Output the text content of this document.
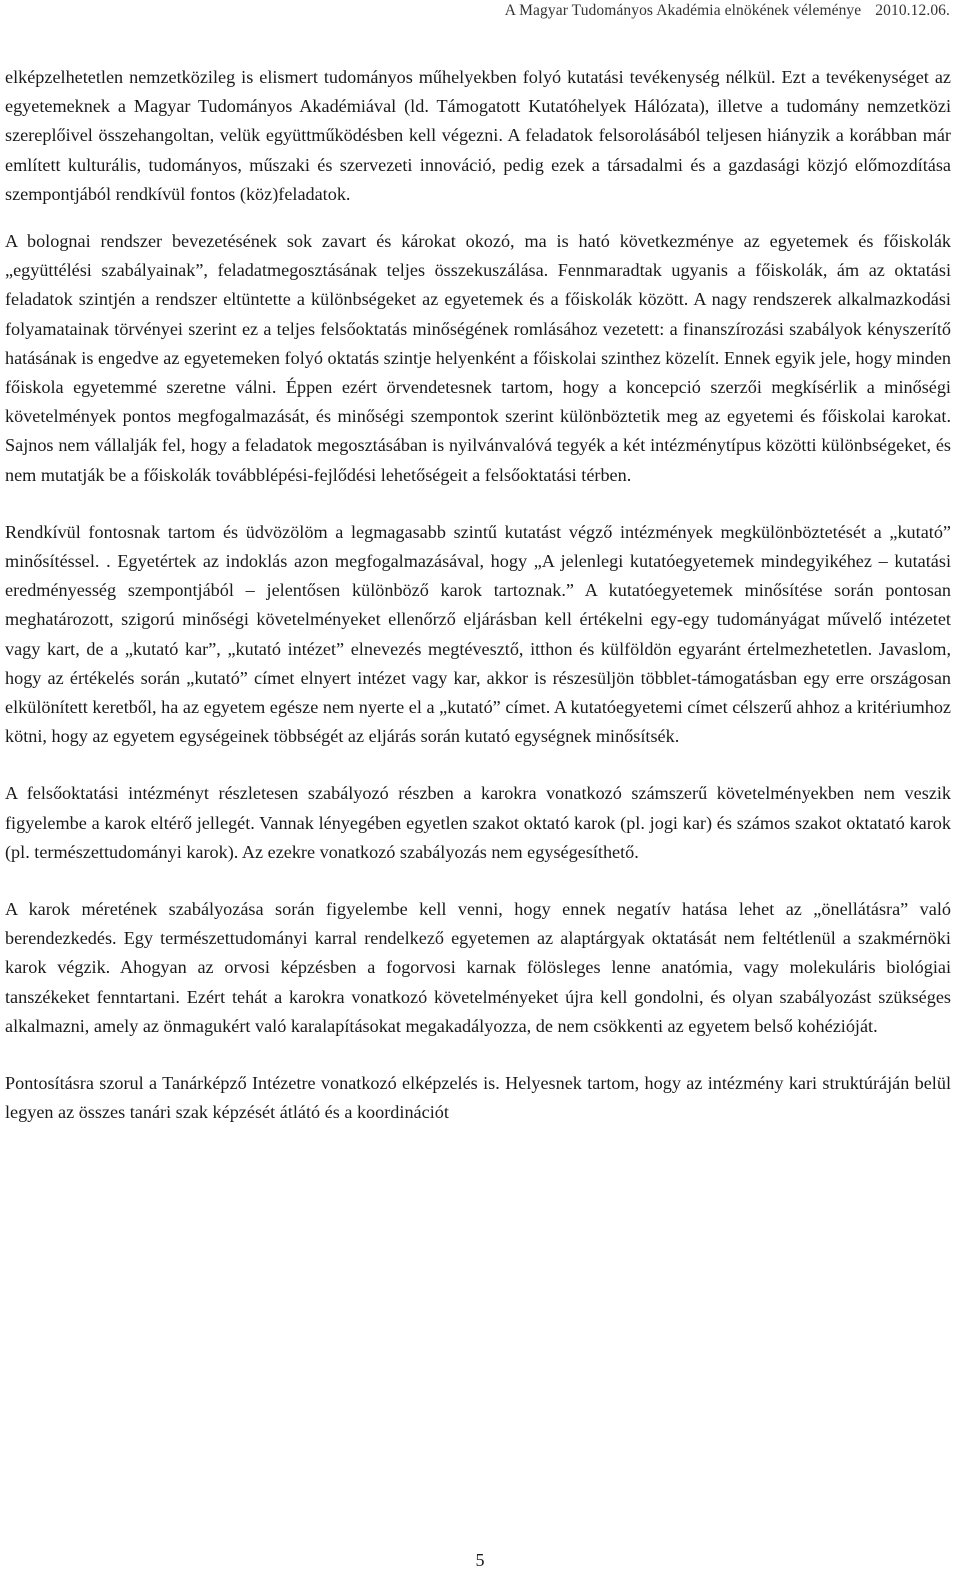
A Magyar Tudományos Akadémia elnökének véleménye 2010.12.06.

elképzelhetetlen nemzetközileg is elismert tudományos műhelyekben folyó kutatási tevékenység nélkül. Ezt a tevékenységet az egyetemeknek a Magyar Tudományos Akadémiával (ld. Támogatott Kutatóhelyek Hálózata), illetve a tudomány nemzetközi szereplőivel összehangoltan, velük együttműködésben kell végezni. A feladatok felsorolásából teljesen hiányzik a korábban már említett kulturális, tudományos, műszaki és szervezeti innováció, pedig ezek a társadalmi és a gazdasági közjó előmozdítása szempontjából rendkívül fontos (köz)feladatok.

A bolognai rendszer bevezetésének sok zavart és károkat okozó, ma is ható következménye az egyetemek és főiskolák „együttélési szabályainak”, feladatmegosztásának teljes összekuszálása. Fennmaradtak ugyanis a főiskolák, ám az oktatási feladatok szintjén a rendszer eltüntette a különbségeket az egyetemek és a főiskolák között. A nagy rendszerek alkalmazkodási folyamatainak törvényei szerint ez a teljes felsőoktatás minőségének romlásához vezetett: a finanszírozási szabályok kényszerítő hatásának is engedve az egyetemeken folyó oktatás szintje helyenként a főiskolai szinthez közelít. Ennek egyik jele, hogy minden főiskola egyetemmé szeretne válni. Éppen ezért örvendetesnek tartom, hogy a koncepció szerzői megkísérlik a minőségi követelmények pontos megfogalmazását, és minőségi szempontok szerint különböztetik meg az egyetemi és főiskolai karokat. Sajnos nem vállalják fel, hogy a feladatok megosztásában is nyilvánvalóvá tegyék a két intézménytípus közötti különbségeket, és nem mutatják be a főiskolák továbblépési-fejlődési lehetőségeit a felsőoktatási térben.

Rendkívül fontosnak tartom és üdvözölöm a legmagasabb szintű kutatást végző intézmények megkülönböztetését a „kutató” minősítéssel. . Egyetértek az indoklás azon megfogalmazásával, hogy „A jelenlegi kutatóegyetemek mindegyikéhez – kutatási eredményesség szempontjából – jelentősen különböző karok tartoznak.” A kutatóegyetemek minősítése során pontosan meghatározott, szigorú minőségi követelményeket ellenőrző eljárásban kell értékelni egy-egy tudományágat művelő intézetet vagy kart, de a „kutató kar”, „kutató intézet” elnevezés megtévesztő, itthon és külföldön egyaránt értelmezhetetlen. Javaslom, hogy az értékelés során „kutató” címet elnyert intézet vagy kar, akkor is részesüljön többlet-támogatásban egy erre országosan elkülönített keretből, ha az egyetem egésze nem nyerte el a „kutató” címet. A kutatóegyetemi címet célszerű ahhoz a kritériumhoz kötni, hogy az egyetem egységeinek többségét az eljárás során kutató egységnek minősítsék.

A felsőoktatási intézményt részletesen szabályozó részben a karokra vonatkozó számszerű követelményekben nem veszik figyelembe a karok eltérő jellegét. Vannak lényegében egyetlen szakot oktató karok (pl. jogi kar) és számos szakot oktatató karok (pl. természettudományi karok). Az ezekre vonatkozó szabályozás nem egységesíthető.

A karok méretének szabályozása során figyelembe kell venni, hogy ennek negatív hatása lehet az „önellátásra” való berendezkedés. Egy természettudományi karral rendelkező egyetemen az alaptárgyak oktatását nem feltétlenül a szakmérnöki karok végzik. Ahogyan az orvosi képzésben a fogorvosi karnak fölösleges lenne anatómia, vagy molekuláris biológiai tanszékeket fenntartani. Ezért tehát a karokra vonatkozó követelményeket újra kell gondolni, és olyan szabályozást szükséges alkalmazni, amely az önmagukért való karalapításokat megakadályozza, de nem csökkenti az egyetem belső kohézióját.

Pontosításra szorul a Tanárképző Intézetre vonatkozó elképzelés is. Helyesnek tartom, hogy az intézmény kari struktúráján belül legyen az összes tanári szak képzését átlátó és a koordinációt

5
